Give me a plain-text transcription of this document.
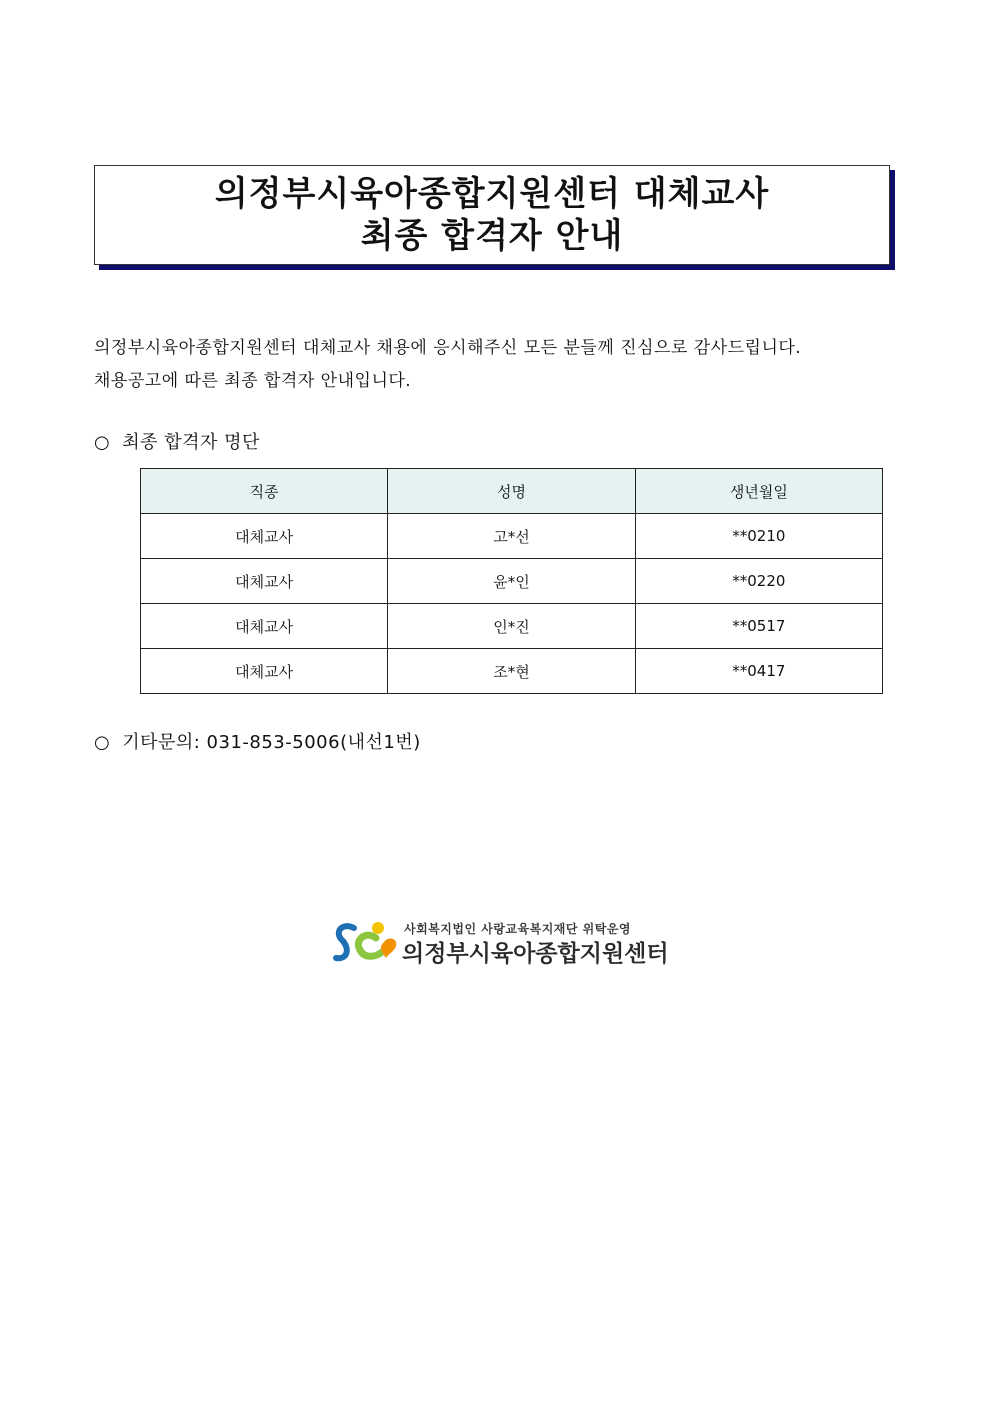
의정부시육아종합지원센터 대체교사
최종 합격자 안내
의정부시육아종합지원센터 대체교사 채용에 응시해주신 모든 분들께 진심으로 감사드립니다.
채용공고에 따른 최종 합격자 안내입니다.
○ 최종 합격자 명단
직종	성명	생년월일
대체교사	고*선	**0210
대체교사	윤*인	**0220
대체교사	인*진	**0517
대체교사	조*현	**0417
○ 기타문의: 031-853-5006(내선1번)
사회복지법인 사랑교육복지재단 위탁운영
의정부시육아종합지원센터
